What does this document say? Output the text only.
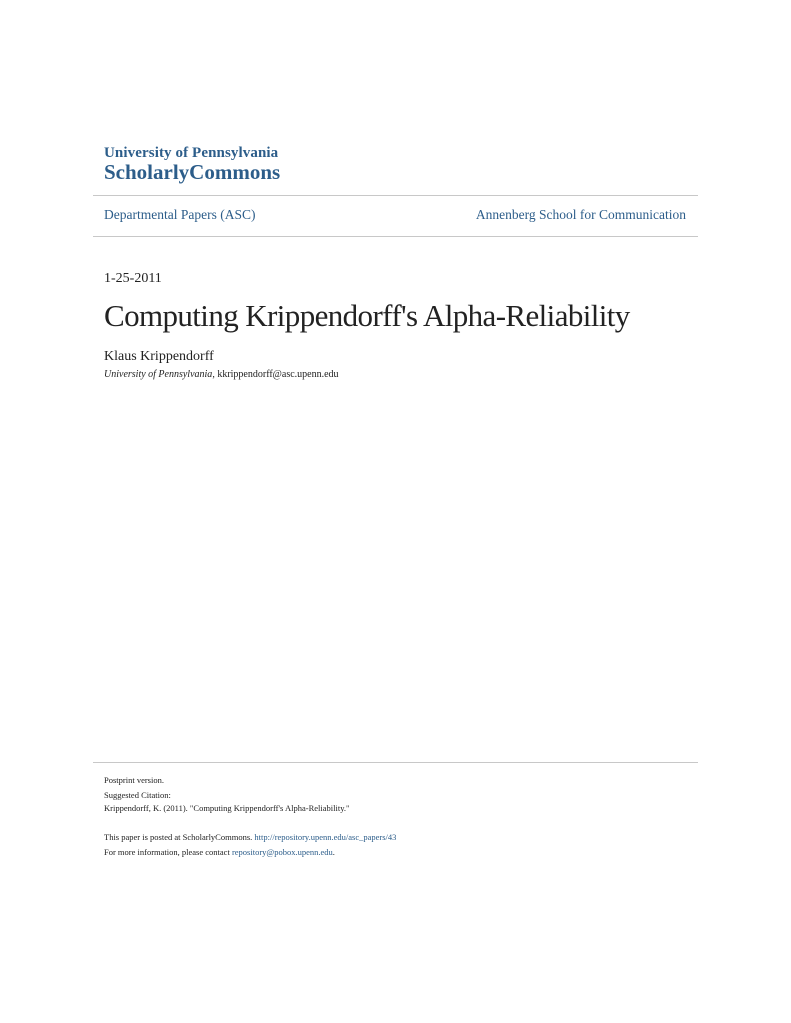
University of Pennsylvania
ScholarlyCommons
Departmental Papers (ASC)	Annenberg School for Communication
1-25-2011
Computing Krippendorff's Alpha-Reliability
Klaus Krippendorff
University of Pennsylvania, kkrippendorff@asc.upenn.edu
Postprint version.
Suggested Citation:
Krippendorff, K. (2011). "Computing Krippendorff's Alpha-Reliability."
This paper is posted at ScholarlyCommons. http://repository.upenn.edu/asc_papers/43
For more information, please contact repository@pobox.upenn.edu.
